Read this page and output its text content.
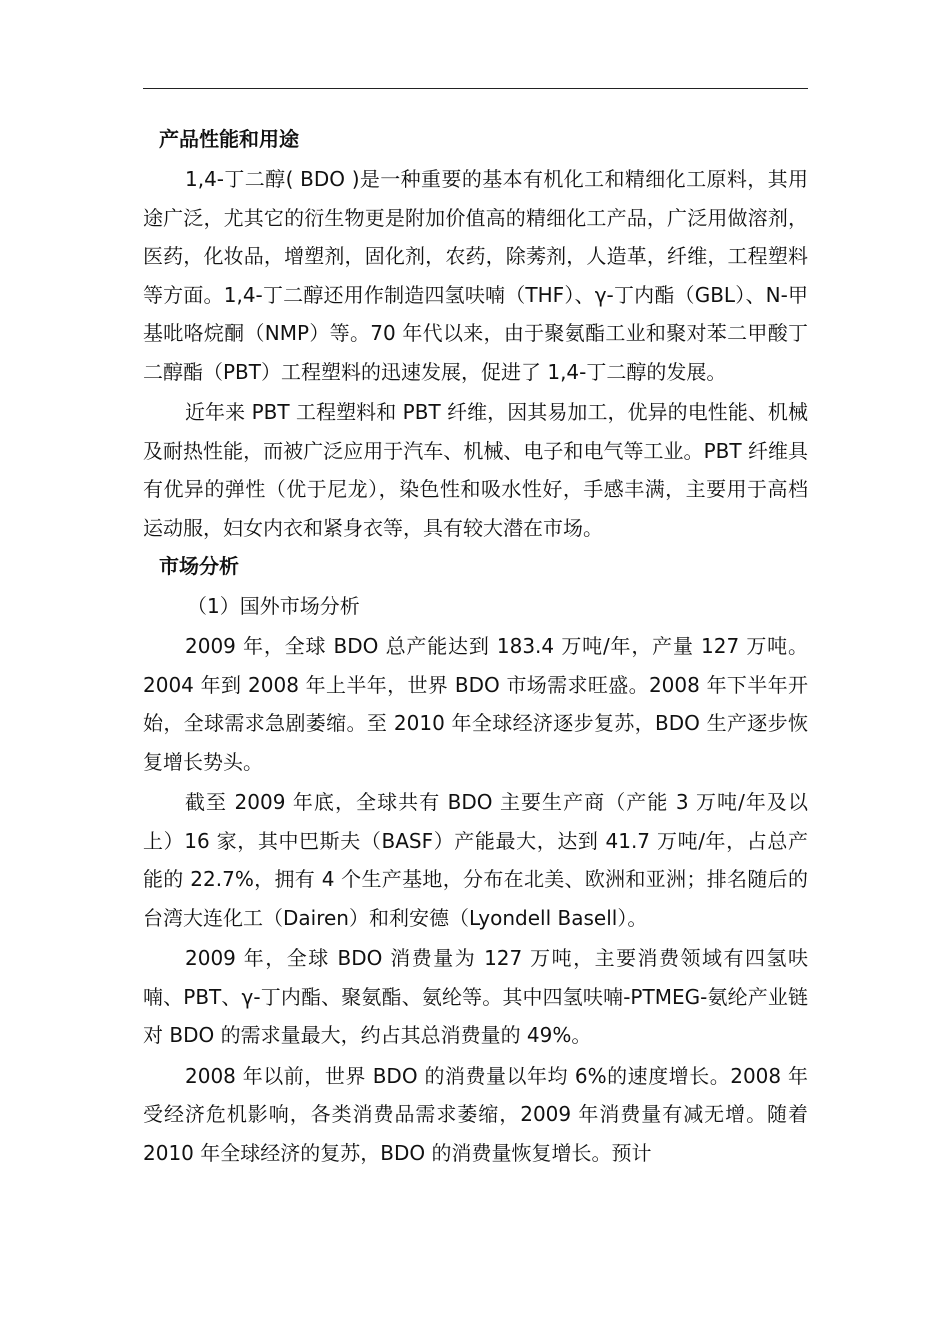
产品性能和用途

1,4-丁二醇( BDO )是一种重要的基本有机化工和精细化工原料，其用途广泛，尤其它的衍生物更是附加价值高的精细化工产品，广泛用做溶剂，医药，化妆品，增塑剂，固化剂，农药，除莠剂，人造革，纤维，工程塑料等方面。1,4-丁二醇还用作制造四氢呋喃（THF）、γ-丁内酯（GBL）、N-甲基吡咯烷酮（NMP）等。70 年代以来，由于聚氨酯工业和聚对苯二甲酸丁二醇酯（PBT）工程塑料的迅速发展，促进了 1,4-丁二醇的发展。

近年来 PBT 工程塑料和 PBT 纤维，因其易加工，优异的电性能、机械及耐热性能，而被广泛应用于汽车、机械、电子和电气等工业。PBT 纤维具有优异的弹性（优于尼龙），染色性和吸水性好，手感丰满，主要用于高档运动服，妇女内衣和紧身衣等，具有较大潜在市场。

市场分析
（1）国外市场分析

2009 年，全球 BDO 总产能达到 183.4 万吨/年，产量 127 万吨。2004 年到 2008 年上半年，世界 BDO 市场需求旺盛。2008 年下半年开始，全球需求急剧萎缩。至 2010 年全球经济逐步复苏，BDO 生产逐步恢复增长势头。

截至 2009 年底，全球共有 BDO 主要生产商（产能 3 万吨/年及以上）16 家，其中巴斯夫（BASF）产能最大，达到 41.7 万吨/年，占总产能的 22.7%，拥有 4 个生产基地，分布在北美、欧洲和亚洲；排名随后的台湾大连化工（Dairen）和利安德（Lyondell Basell）。

2009 年，全球 BDO 消费量为 127 万吨，主要消费领域有四氢呋喃、PBT、γ-丁内酯、聚氨酯、氨纶等。其中四氢呋喃-PTMEG-氨纶产业链对 BDO 的需求量最大，约占其总消费量的 49%。

2008 年以前，世界 BDO 的消费量以年均 6%的速度增长。2008 年受经济危机影响，各类消费品需求萎缩，2009 年消费量有减无增。随着 2010 年全球经济的复苏，BDO 的消费量恢复增长。预计
